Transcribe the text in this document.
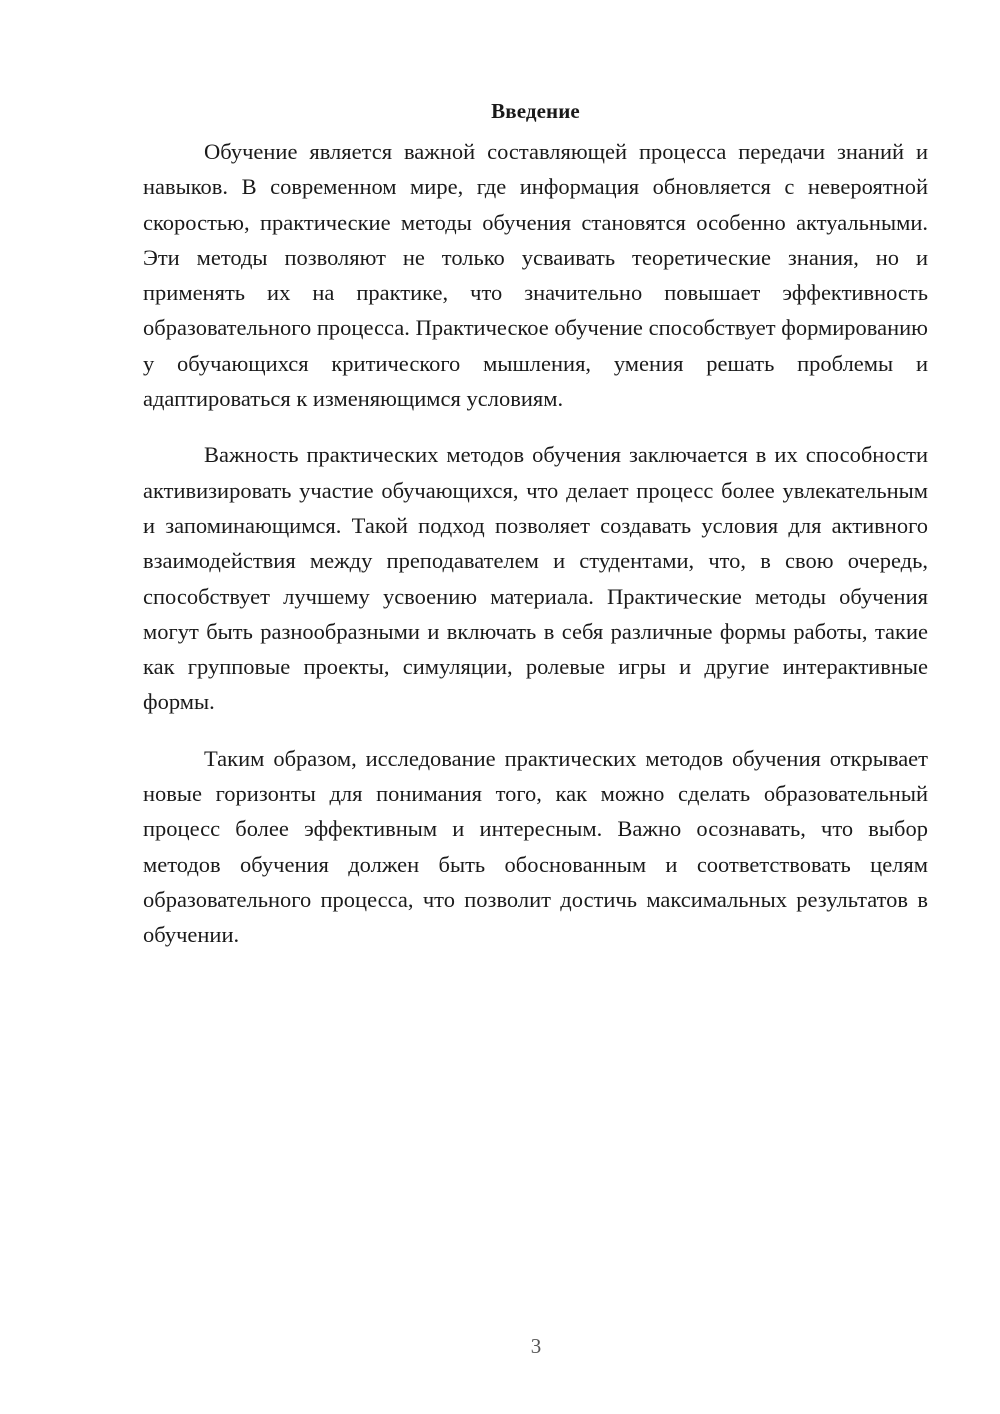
Введение

Обучение является важной составляющей процесса передачи знаний и навыков. В современном мире, где информация обновляется с невероятной скоростью, практические методы обучения становятся особенно актуальными. Эти методы позволяют не только усваивать теоретические знания, но и применять их на практике, что значительно повышает эффективность образовательного процесса. Практическое обучение способствует формированию у обучающихся критического мышления, умения решать проблемы и адаптироваться к изменяющимся условиям.

Важность практических методов обучения заключается в их способности активизировать участие обучающихся, что делает процесс более увлекательным и запоминающимся. Такой подход позволяет создавать условия для активного взаимодействия между преподавателем и студентами, что, в свою очередь, способствует лучшему усвоению материала. Практические методы обучения могут быть разнообразными и включать в себя различные формы работы, такие как групповые проекты, симуляции, ролевые игры и другие интерактивные формы.

Таким образом, исследование практических методов обучения открывает новые горизонты для понимания того, как можно сделать образовательный процесс более эффективным и интересным. Важно осознавать, что выбор методов обучения должен быть обоснованным и соответствовать целям образовательного процесса, что позволит достичь максимальных результатов в обучении.

3
